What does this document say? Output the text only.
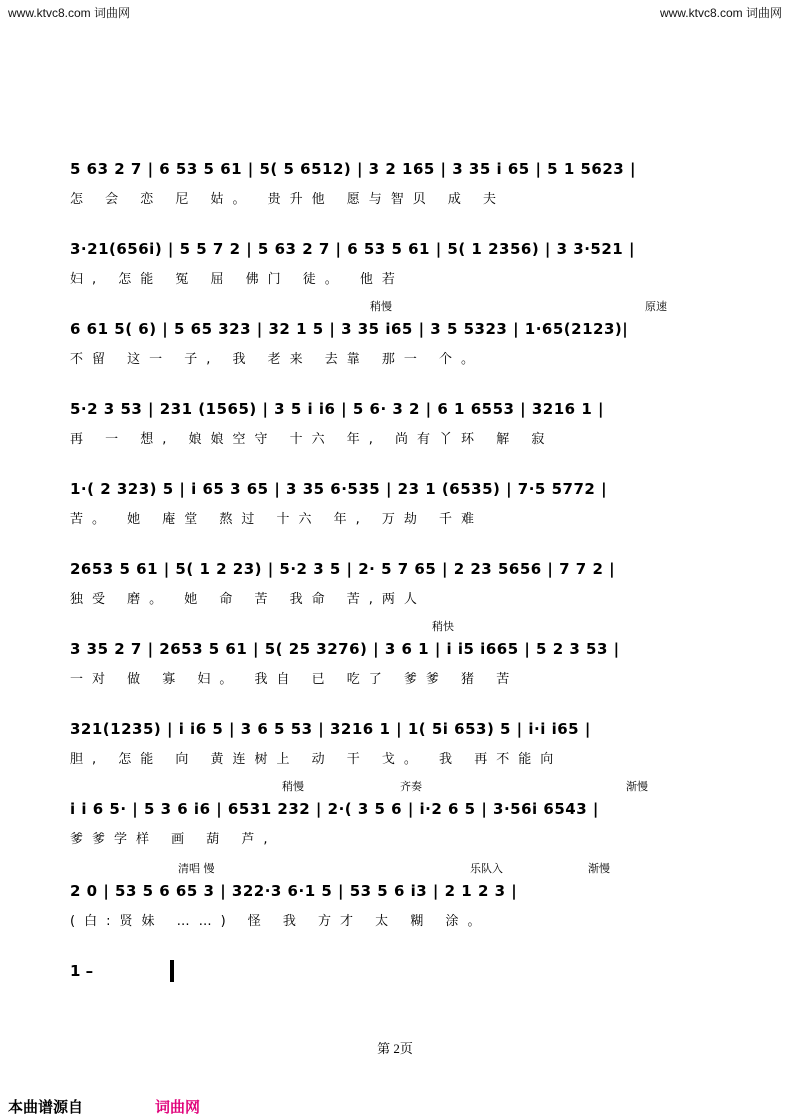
www.ktvc8.com 词曲网	www.ktvc8.com 词曲网
5 63 2 7 | 6 53 5 61 | 5( 5 6512) | 3 2 165 | 3 35 i 65 | 5 1 5623 |
怎 会 恋 尼 姑。 贵升他 愿与智贝 成 夫
3·21(656i) | 5 5 7 2 | 5 63 2 7 | 6 53 5 61 | 5( 1 2356) | 3 3·521 |
妇, 怎能 冤 屈 佛门 徒。 他若
稍慢	原速
6 61 5( 6) | 5 65 323 | 32 1 5 | 3 35 i65 | 3 5 5323 | 1·65(2123)|
不留 这一 子, 我 老来 去靠 那一 个。
5·2 3 53 | 231 (1565) | 3 5 i i6 | 5 6· 3 2 | 6 1 6553 | 3216 1 |
再 一 想, 娘娘空守 十六 年, 尚有丫环 解 寂
1·( 2 323) 5 | i 65 3 65 | 3 35 6·535 | 23 1 (6535) | 7·5 5772 |
苦。 她 庵堂 熬过 十六 年, 万劫 千难
2653 5 61 | 5( 1 2 23) | 5·2 3 5 | 2· 5 7 65 | 2 23 5656 | 7 7 2 |
独受 磨。 她 命 苦 我命 苦,两人
稍快
3 35 2 7 | 2653 5 61 | 5( 25 3276) | 3 6 1 | i i5 i665 | 5 2 3 53 |
一对 做 寡 妇。 我自 已 吃了 爹爹 猪 苦
321(1235) | i i6 5 | 3 6 5 53 | 3216 1 | 1( 5i 653) 5 | i·i i65 |
胆, 怎能 向 黄连树上 动 干 戈。 我 再不能向
稍慢	齐奏	渐慢
i i 6 5· | 5 3 6 i6 | 6531 232 | 2·( 3 5 6 | i·2 6 5 | 3·56i 6543 |
爹爹学样 画 葫 芦,
清唱 慢	乐队入	渐慢
2 0 | 53 5 6 65 3 | 322·3 6·1 5 | 53 5 6 i3 | 2 1 2 3 |
(白:贤妹 ……) 怪 我 方才 太 糊 涂。
1 –
第 2页
本曲谱源自	词曲网
